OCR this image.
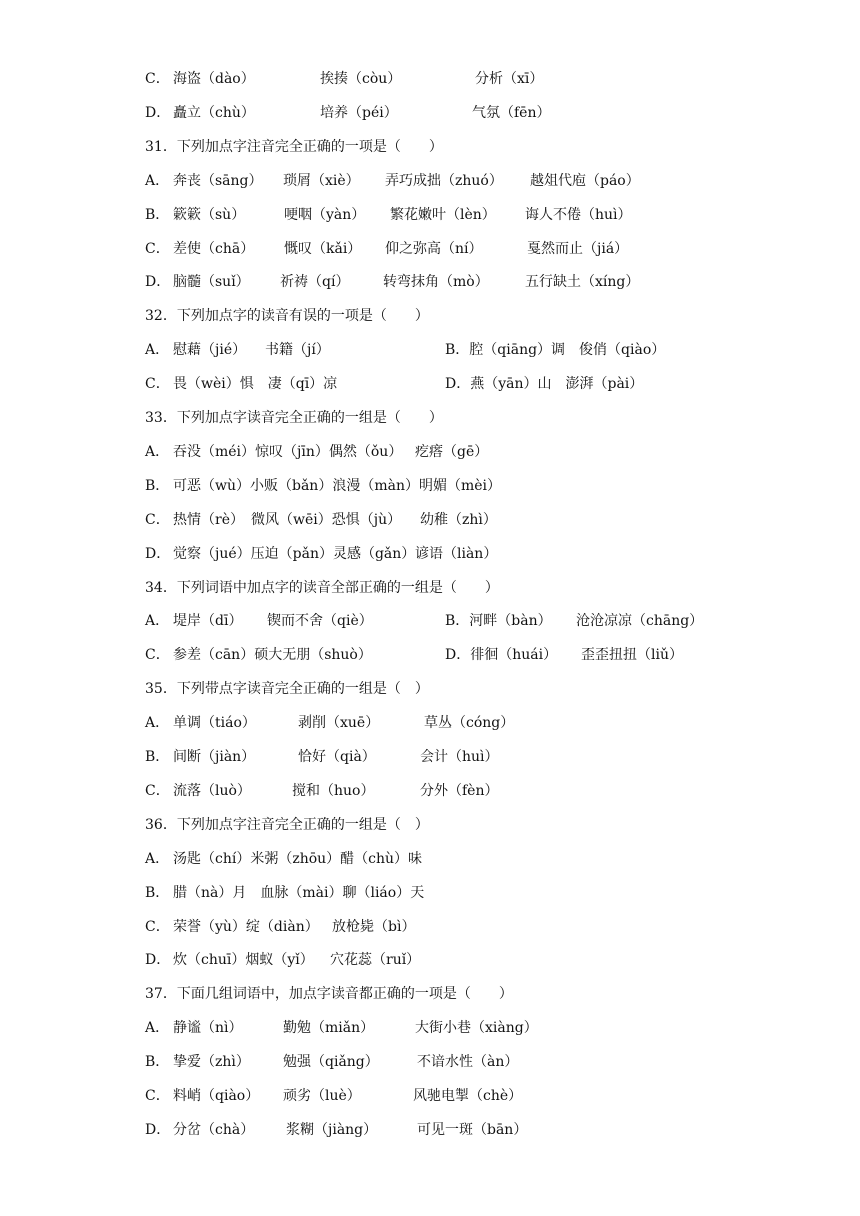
C． 海盗（dào）	挨揍（còu）	分析（xī）
D． 矗立（chù）	培养（péi）	气氛（fēn）
31．下列加点字注音完全正确的一项是（　　）
A． 奔丧（sāng） 琐屑（xiè） 弄巧成拙（zhuó） 越俎代庖（páo）
B． 簌簌（sù）	哽咽（yàn） 繁花嫩叶（lèn） 诲人不倦（huì）
C． 差使（chā） 慨叹（kǎi） 仰之弥高（ní）	戛然而止（jiá）
D． 脑髓（suǐ） 祈祷（qí） 转弯抹角（mò）	五行缺土（xíng）
32．下列加点字的读音有误的一项是（　　）
A． 慰藉（jié） 书籍（jí）	B．腔（qiāng）调　俊俏（qiào）
C． 畏（wèi）惧　凄（qī）凉	D．燕（yān）山　澎湃（pài）
33．下列加点字读音完全正确的一组是（　　）
A． 吞没（méi）惊叹（jīn）偶然（ǒu） 疙瘩（gē）
B． 可恶（wù）小贩（bǎn）浪漫（màn）明媚（mèi）
C． 热情（rè）　微风（wēi）恐惧（jù） 幼稚（zhì）
D． 觉察（jué）压迫（pǎn）灵感（gǎn） 谚语（liàn）
34．下列词语中加点字的读音全部正确的一组是（　　）
A． 堤岸（dī） 锲而不舍（qiè）	B．河畔（bàn） 沧沧凉凉（chāng）
C． 参差（cān）硕大无朋（shuò）	D．徘徊（huái） 歪歪扭扭（liǔ）
35．下列带点字读音完全正确的一组是（　）
A． 单调（tiáo）	剥削（xuē）	草丛（cóng）
B． 间断（jiàn）	恰好（qià）	会计（huì）
C． 流落（luò）	搅和（huo）	分外（fèn）
36．下列加点字注音完全正确的一组是（　）
A． 汤匙（chí）米粥（zhōu）醋（chù）味
B． 腊（nà）月　血脉（mài）聊（liáo）天
C． 荣誉（yù）绽（diàn） 放枪毙（bì）
D． 炊（chuī）烟蚁（yǐ） 穴花蕊（ruǐ）
37．下面几组词语中，加点字读音都正确的一项是（　　）
A． 静谧（nì）	勤勉（miǎn）	大街小巷（xiàng）
B． 挚爱（zhì） 勉强（qiǎng）	不谙水性（àn）
C． 料峭（qiào） 顽劣（luè）	风驰电掣（chè）
D． 分岔（chà） 浆糊（jiàng）	可见一斑（bān）
